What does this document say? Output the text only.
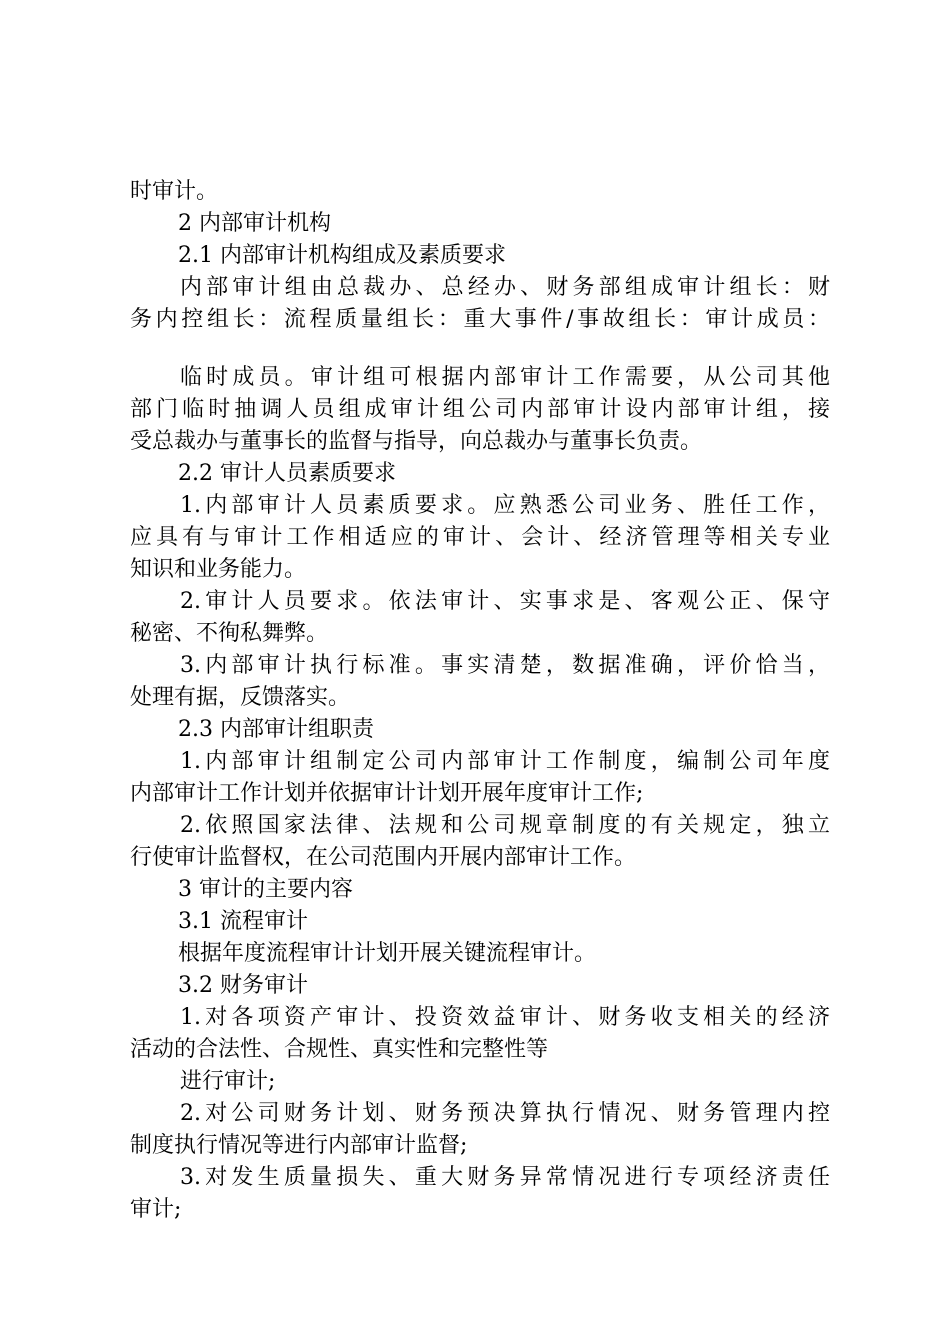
时审计。
2 内部审计机构
2.1 内部审计机构组成及素质要求
内部审计组由总裁办、总经办、财务部组成审计组长：财
务内控组长：流程质量组长：重大事件/事故组长：审计成员：
临时成员。审计组可根据内部审计工作需要，从公司其他
部门临时抽调人员组成审计组公司内部审计设内部审计组，接
受总裁办与董事长的监督与指导，向总裁办与董事长负责。
2.2 审计人员素质要求
1.内部审计人员素质要求。应熟悉公司业务、胜任工作，
应具有与审计工作相适应的审计、会计、经济管理等相关专业
知识和业务能力。
2.审计人员要求。依法审计、实事求是、客观公正、保守
秘密、不徇私舞弊。
3.内部审计执行标准。事实清楚，数据准确，评价恰当，
处理有据，反馈落实。
2.3 内部审计组职责
1.内部审计组制定公司内部审计工作制度，编制公司年度
内部审计工作计划并依据审计计划开展年度审计工作;
2.依照国家法律、法规和公司规章制度的有关规定，独立
行使审计监督权，在公司范围内开展内部审计工作。
3 审计的主要内容
3.1 流程审计
根据年度流程审计计划开展关键流程审计。
3.2 财务审计
1.对各项资产审计、投资效益审计、财务收支相关的经济
活动的合法性、合规性、真实性和完整性等
进行审计;
2.对公司财务计划、财务预决算执行情况、财务管理内控
制度执行情况等进行内部审计监督;
3.对发生质量损失、重大财务异常情况进行专项经济责任
审计;
